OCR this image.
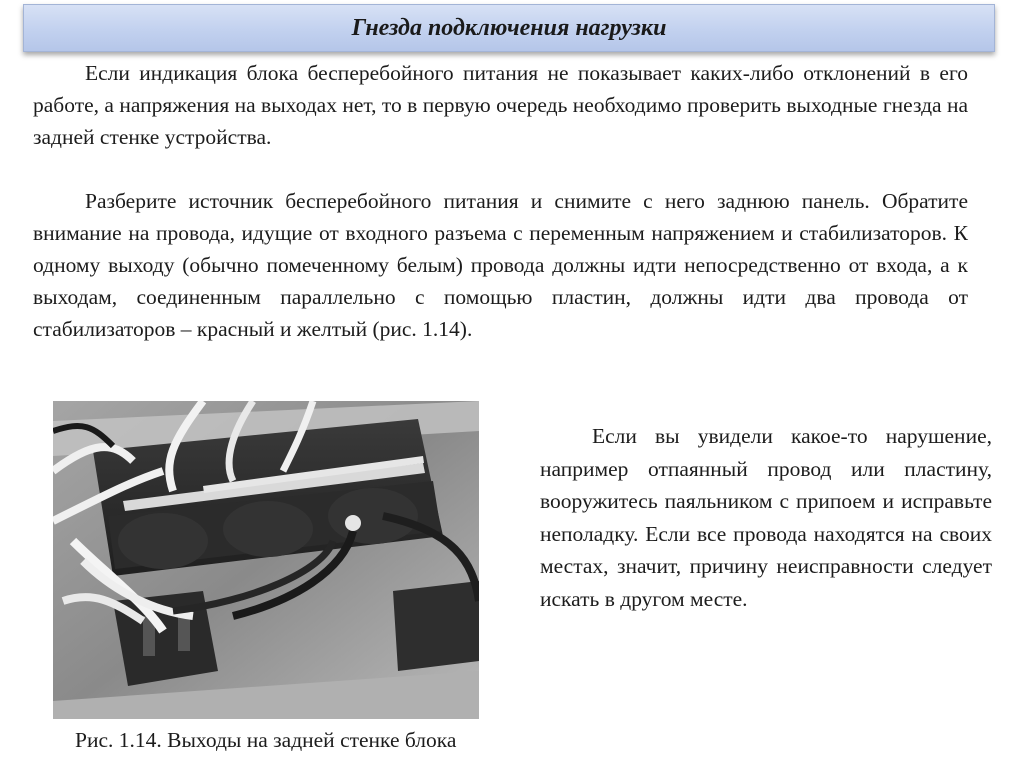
Гнезда подключения нагрузки

Если индикация блока бесперебойного питания не показывает каких-либо отклонений в его работе, а напряжения на выходах нет, то в первую очередь необходимо проверить выходные гнезда на задней стенке устройства.

Разберите источник бесперебойного питания и снимите с него заднюю панель. Обратите внимание на провода, идущие от входного разъема с переменным напряжением и стабилизаторов. К одному выходу (обычно помеченному белым) провода должны идти непосредственно от входа, а к выходам, соединенным параллельно с помощью пластин, должны идти два провода от стабилизаторов – красный и желтый (рис. 1.14).

Если вы увидели какое-то нарушение, например отпаянный провод или пластину, вооружитесь паяльником с припоем и исправьте неполадку. Если все провода находятся на своих местах, значит, причину неисправности следует искать в другом месте.

Рис. 1.14. Выходы на задней стенке блока
